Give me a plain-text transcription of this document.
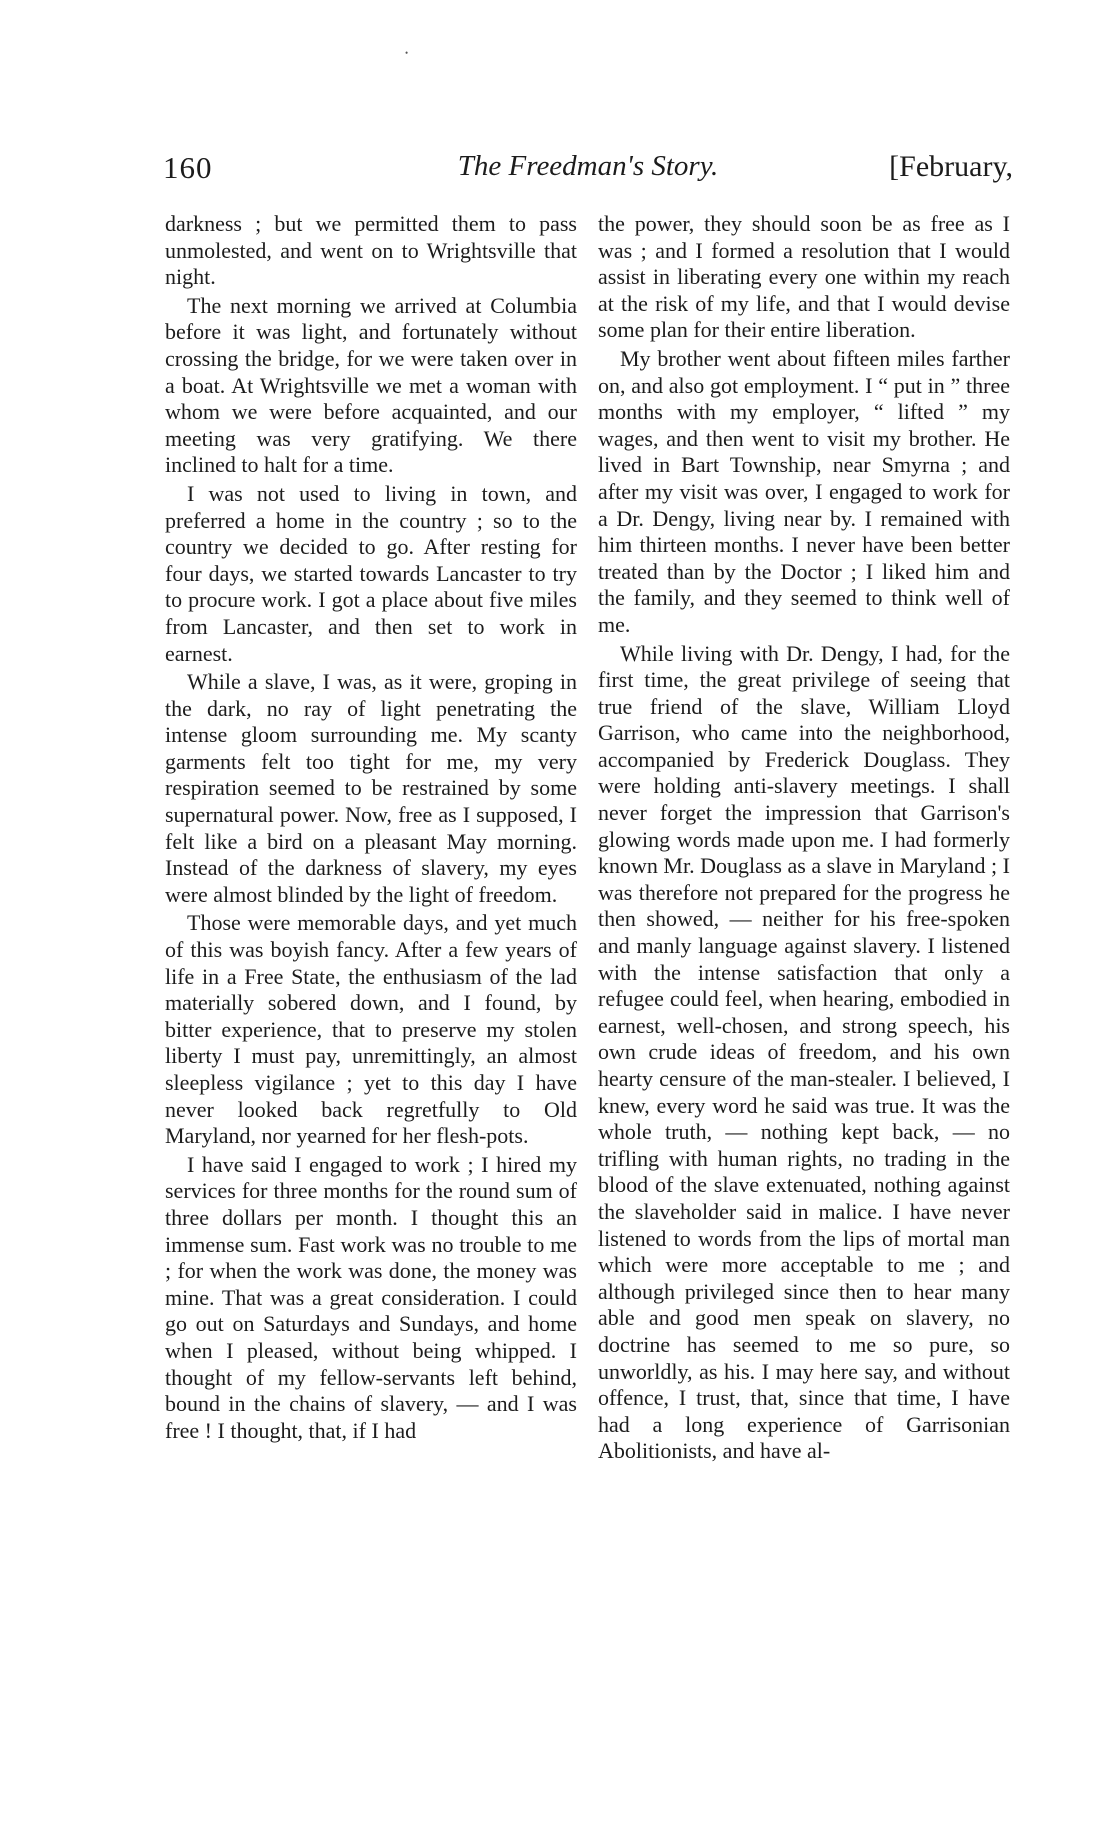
•
160	The Freedman's Story.	[February,

darkness ; but we permitted them to pass unmolested, and went on to Wrightsville that night.

The next morning we arrived at Columbia before it was light, and fortunately without crossing the bridge, for we were taken over in a boat. At Wrightsville we met a woman with whom we were before acquainted, and our meeting was very gratifying. We there inclined to halt for a time.

I was not used to living in town, and preferred a home in the country ; so to the country we decided to go. After resting for four days, we started towards Lancaster to try to procure work. I got a place about five miles from Lancaster, and then set to work in earnest.

While a slave, I was, as it were, groping in the dark, no ray of light penetrating the intense gloom surrounding me. My scanty garments felt too tight for me, my very respiration seemed to be restrained by some supernatural power. Now, free as I supposed, I felt like a bird on a pleasant May morning. Instead of the darkness of slavery, my eyes were almost blinded by the light of freedom.

Those were memorable days, and yet much of this was boyish fancy. After a few years of life in a Free State, the enthusiasm of the lad materially sobered down, and I found, by bitter experience, that to preserve my stolen liberty I must pay, unremittingly, an almost sleepless vigilance ; yet to this day I have never looked back regretfully to Old Maryland, nor yearned for her flesh-pots.

I have said I engaged to work ; I hired my services for three months for the round sum of three dollars per month. I thought this an immense sum. Fast work was no trouble to me ; for when the work was done, the money was mine. That was a great consideration. I could go out on Saturdays and Sundays, and home when I pleased, without being whipped. I thought of my fellow-servants left behind, bound in the chains of slavery, — and I was free ! I thought, that, if I had

the power, they should soon be as free as I was ; and I formed a resolution that I would assist in liberating every one within my reach at the risk of my life, and that I would devise some plan for their entire liberation.

My brother went about fifteen miles farther on, and also got employment. I “ put in ” three months with my employer, “ lifted ” my wages, and then went to visit my brother. He lived in Bart Township, near Smyrna ; and after my visit was over, I engaged to work for a Dr. Dengy, living near by. I remained with him thirteen months. I never have been better treated than by the Doctor ; I liked him and the family, and they seemed to think well of me.

While living with Dr. Dengy, I had, for the first time, the great privilege of seeing that true friend of the slave, William Lloyd Garrison, who came into the neighborhood, accompanied by Frederick Douglass. They were holding anti-slavery meetings. I shall never forget the impression that Garrison's glowing words made upon me. I had formerly known Mr. Douglass as a slave in Maryland ; I was therefore not prepared for the progress he then showed, — neither for his free-spoken and manly language against slavery. I listened with the intense satisfaction that only a refugee could feel, when hearing, embodied in earnest, well-chosen, and strong speech, his own crude ideas of freedom, and his own hearty censure of the man-stealer. I believed, I knew, every word he said was true. It was the whole truth, — nothing kept back, — no trifling with human rights, no trading in the blood of the slave extenuated, nothing against the slaveholder said in malice. I have never listened to words from the lips of mortal man which were more acceptable to me ; and although privileged since then to hear many able and good men speak on slavery, no doctrine has seemed to me so pure, so unworldly, as his. I may here say, and without offence, I trust, that, since that time, I have had a long experience of Garrisonian Abolitionists, and have al-
